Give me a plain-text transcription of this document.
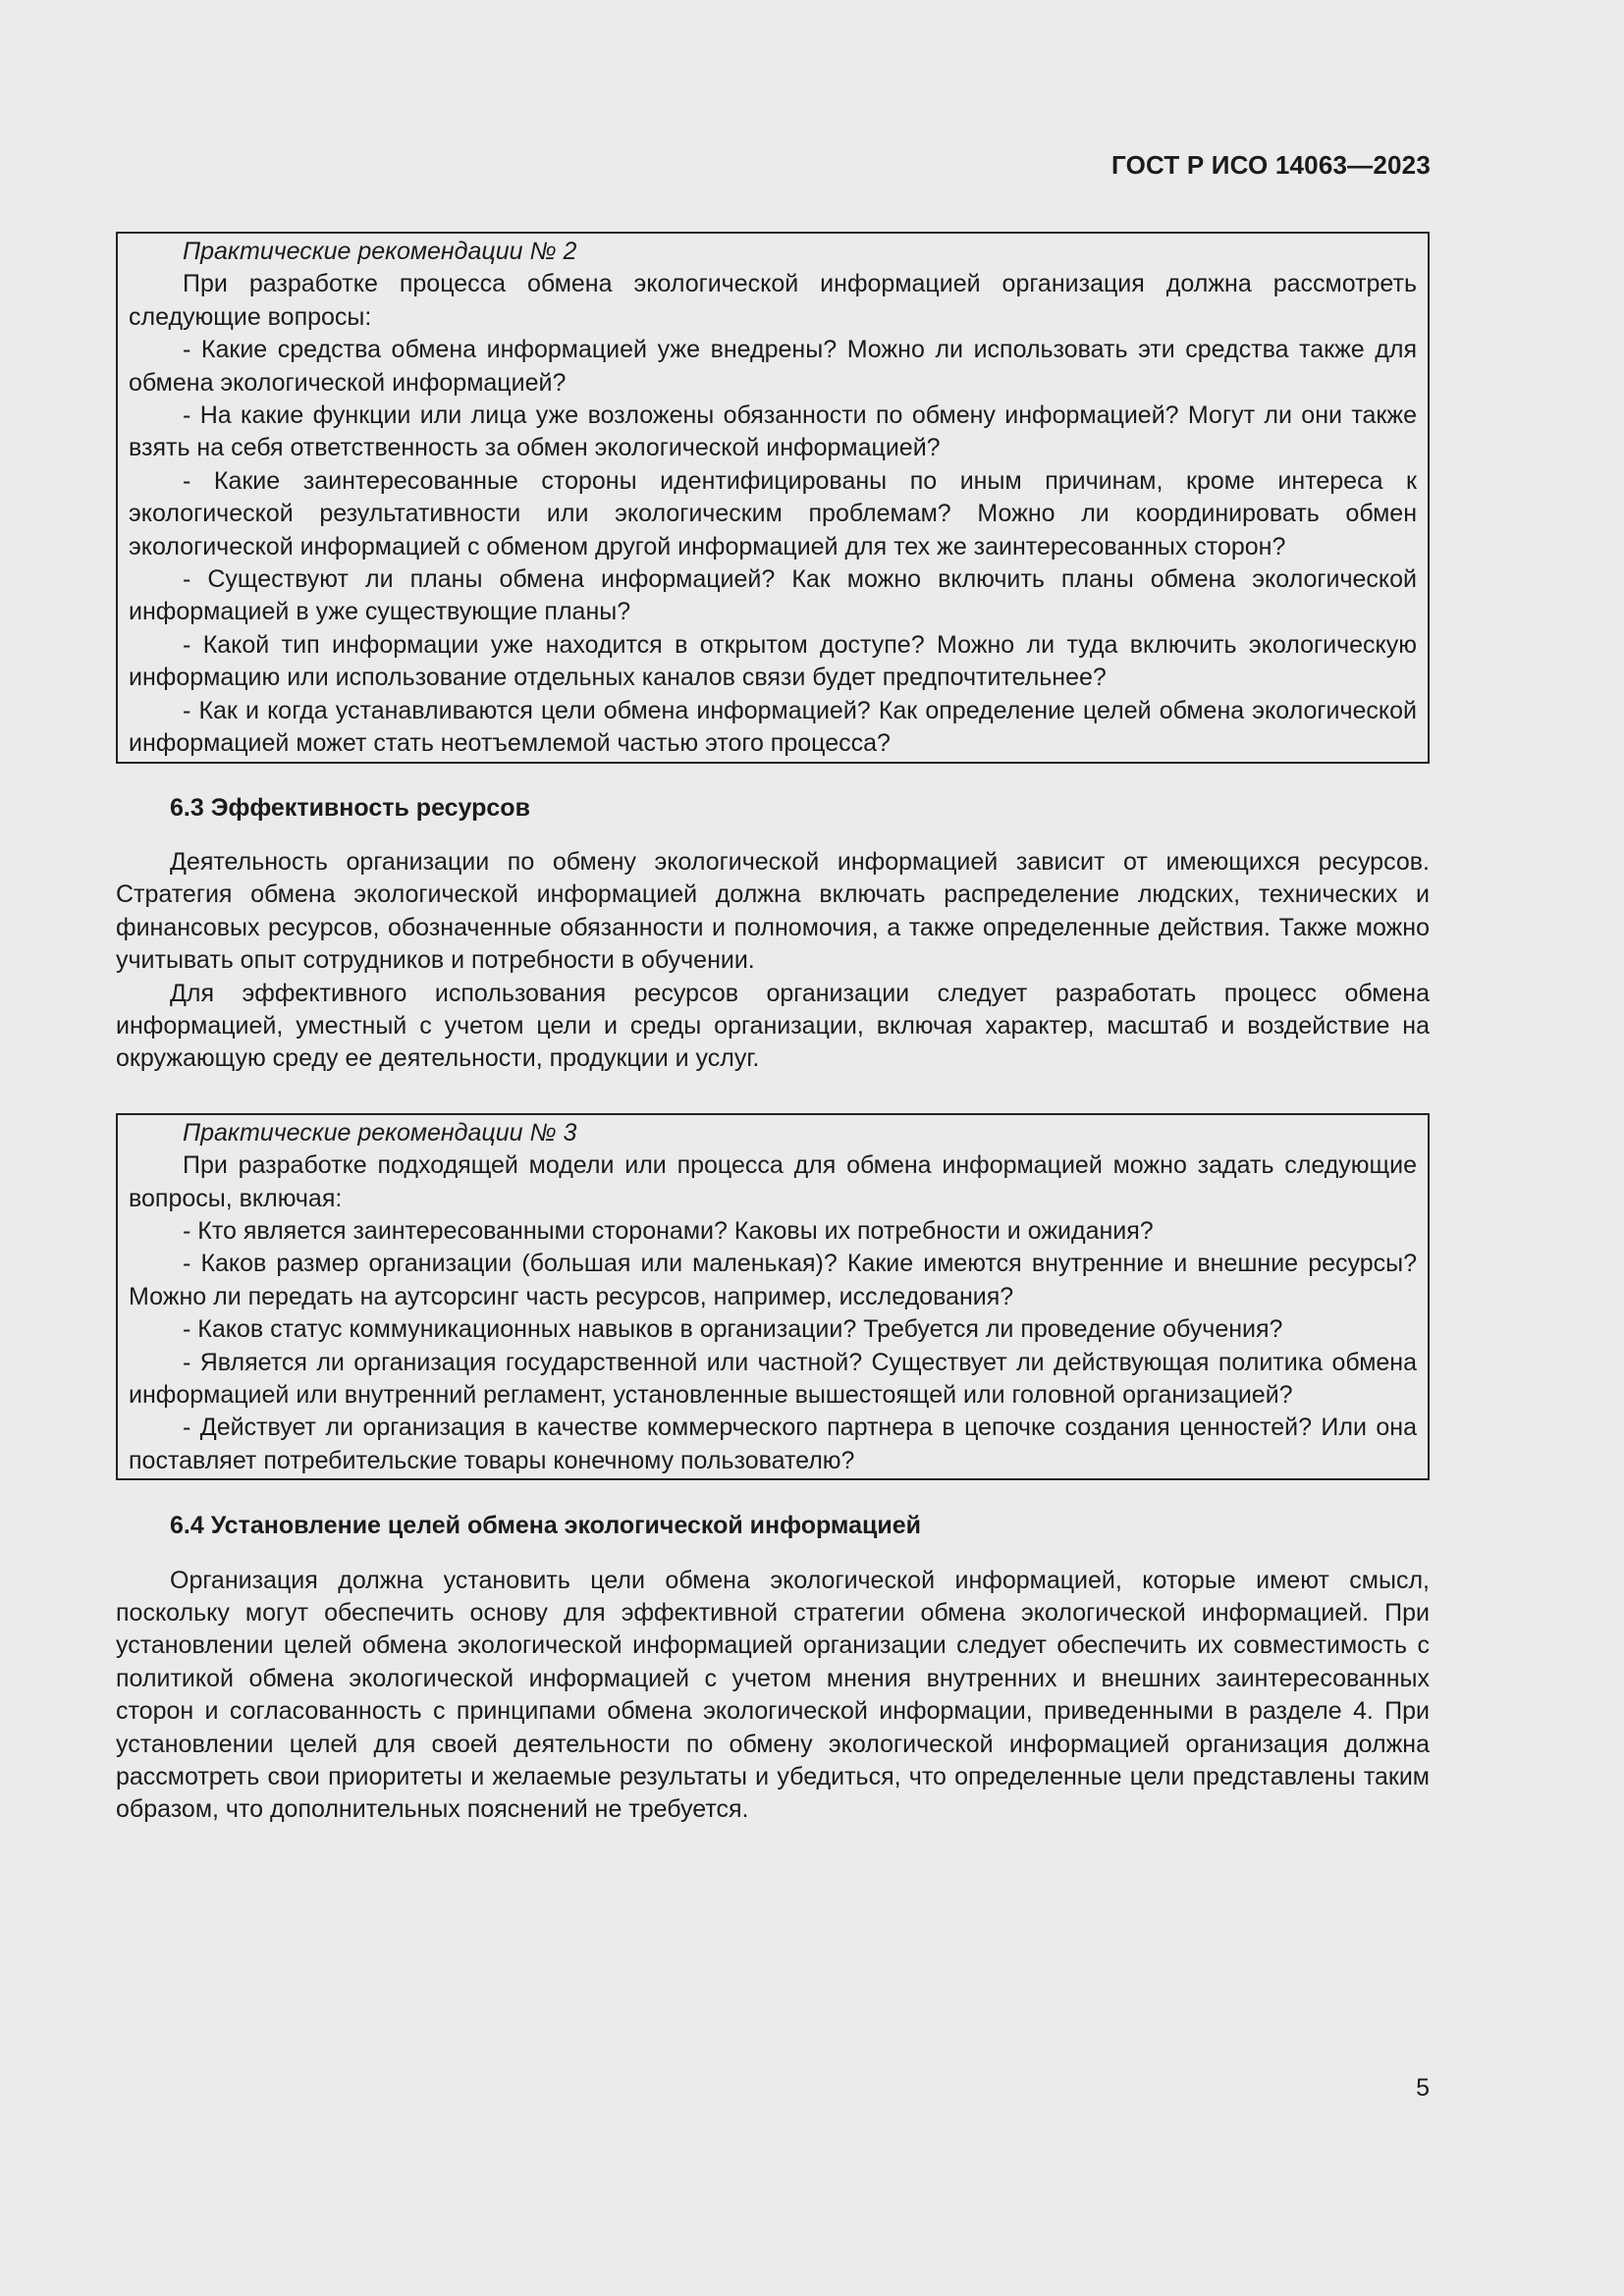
ГОСТ Р ИСО 14063—2023

Практические рекомендации № 2

При разработке процесса обмена экологической информацией организация должна рассмотреть следующие вопросы:

- Какие средства обмена информацией уже внедрены? Можно ли использовать эти средства также для обмена экологической информацией?

- На какие функции или лица уже возложены обязанности по обмену информацией? Могут ли они также взять на себя ответственность за обмен экологической информацией?

- Какие заинтересованные стороны идентифицированы по иным причинам, кроме интереса к экологической результативности или экологическим проблемам? Можно ли координировать обмен экологической информацией с обменом другой информацией для тех же заинтересованных сторон?

- Существуют ли планы обмена информацией? Как можно включить планы обмена экологической информацией в уже существующие планы?

- Какой тип информации уже находится в открытом доступе? Можно ли туда включить экологическую информацию или использование отдельных каналов связи будет предпочтительнее?

- Как и когда устанавливаются цели обмена информацией? Как определение целей обмена экологической информацией может стать неотъемлемой частью этого процесса?

6.3 Эффективность ресурсов

Деятельность организации по обмену экологической информацией зависит от имеющихся ресурсов. Стратегия обмена экологической информацией должна включать распределение людских, технических и финансовых ресурсов, обозначенные обязанности и полномочия, а также определенные действия. Также можно учитывать опыт сотрудников и потребности в обучении.

Для эффективного использования ресурсов организации следует разработать процесс обмена информацией, уместный с учетом цели и среды организации, включая характер, масштаб и воздействие на окружающую среду ее деятельности, продукции и услуг.

Практические рекомендации № 3

При разработке подходящей модели или процесса для обмена информацией можно задать следующие вопросы, включая:

- Кто является заинтересованными сторонами? Каковы их потребности и ожидания?

- Каков размер организации (большая или маленькая)? Какие имеются внутренние и внешние ресурсы? Можно ли передать на аутсорсинг часть ресурсов, например, исследования?

- Каков статус коммуникационных навыков в организации? Требуется ли проведение обучения?

- Является ли организация государственной или частной? Существует ли действующая политика обмена информацией или внутренний регламент, установленные вышестоящей или головной организацией?

- Действует ли организация в качестве коммерческого партнера в цепочке создания ценностей? Или она поставляет потребительские товары конечному пользователю?

6.4 Установление целей обмена экологической информацией

Организация должна установить цели обмена экологической информацией, которые имеют смысл, поскольку могут обеспечить основу для эффективной стратегии обмена экологической информацией. При установлении целей обмена экологической информацией организации следует обеспечить их совместимость с политикой обмена экологической информацией с учетом мнения внутренних и внешних заинтересованных сторон и согласованность с принципами обмена экологической информации, приведенными в разделе 4. При установлении целей для своей деятельности по обмену экологической информацией организация должна рассмотреть свои приоритеты и желаемые результаты и убедиться, что определенные цели представлены таким образом, что дополнительных пояснений не требуется.

5
